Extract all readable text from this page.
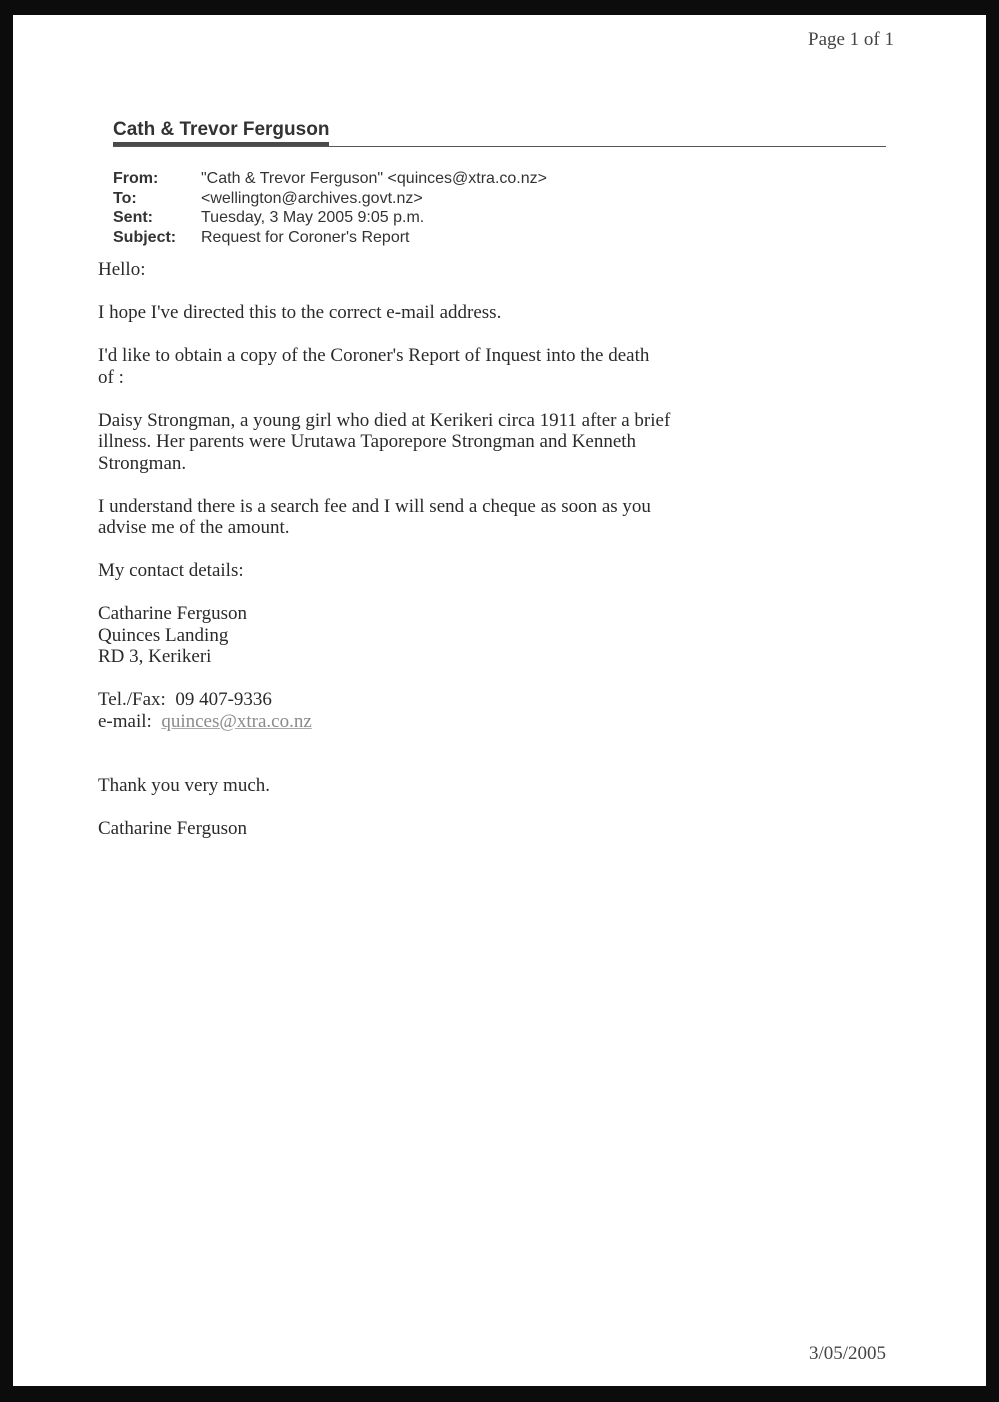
Page 1 of 1
Cath & Trevor Ferguson
From:	"Cath & Trevor Ferguson" <quinces@xtra.co.nz>
To:	<wellington@archives.govt.nz>
Sent:	Tuesday, 3 May 2005 9:05 p.m.
Subject:	Request for Coroner's Report

Hello:

I hope I've directed this to the correct e-mail address.

I'd like to obtain a copy of the Coroner's Report of Inquest into the death
of :

Daisy Strongman, a young girl who died at Kerikeri circa 1911 after a brief
illness. Her parents were Urutawa Taporepore Strongman and Kenneth
Strongman.

I understand there is a search fee and I will send a cheque as soon as you
advise me of the amount.

My contact details:

Catharine Ferguson
Quinces Landing
RD 3, Kerikeri

Tel./Fax: 09 407-9336
e-mail: quinces@xtra.co.nz

Thank you very much.

Catharine Ferguson

3/05/2005
